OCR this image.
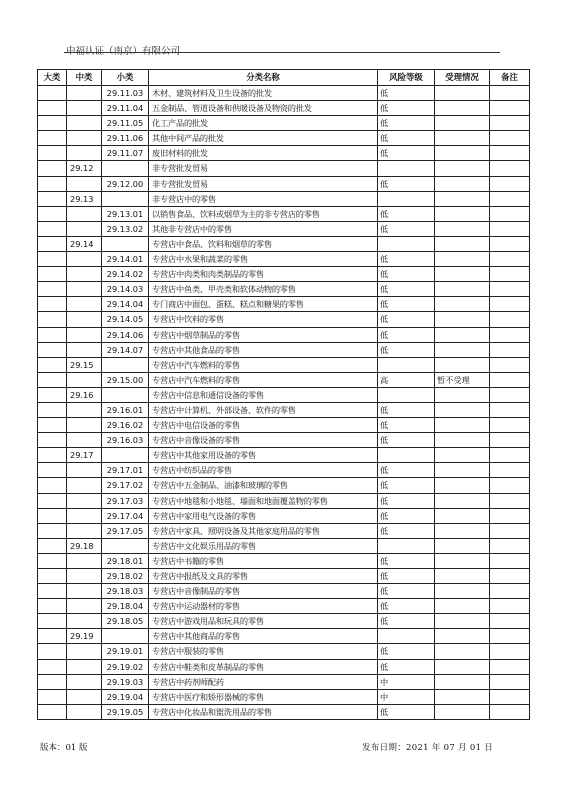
中福认证（南京）有限公司
大类	中类	小类	分类名称	风险等级	受理情况	备注
		29.11.03	木材、建筑材料及卫生设备的批发	低		
		29.11.04	五金制品、管道设备和供暖设备及物资的批发	低		
		29.11.05	化工产品的批发	低		
		29.11.06	其他中间产品的批发	低		
		29.11.07	废旧材料的批发	低		
	29.12		非专营批发贸易			
		29.12.00	非专营批发贸易	低		
	29.13		非专营店中的零售			
		29.13.01	以销售食品、饮料或烟草为主的非专营店的零售	低		
		29.13.02	其他非专营店中的零售	低		
	29.14		专营店中食品、饮料和烟草的零售			
		29.14.01	专营店中水果和蔬菜的零售	低		
		29.14.02	专营店中肉类和肉类制品的零售	低		
		29.14.03	专营店中鱼类、甲壳类和软体动物的零售	低		
		29.14.04	专门商店中面包、蛋糕、糕点和糖果的零售	低		
		29.14.05	专营店中饮料的零售	低		
		29.14.06	专营店中烟草制品的零售	低		
		29.14.07	专营店中其他食品的零售	低		
	29.15		专营店中汽车燃料的零售			
		29.15.00	专营店中汽车燃料的零售	高	暂不受理	
	29.16		专营店中信息和通信设备的零售			
		29.16.01	专营店中计算机、外部设备、软件的零售	低		
		29.16.02	专营店中电信设备的零售	低		
		29.16.03	专营店中音像设备的零售	低		
	29.17		专营店中其他家用设备的零售			
		29.17.01	专营店中纺织品的零售	低		
		29.17.02	专营店中五金制品、油漆和玻璃的零售	低		
		29.17.03	专营店中地毯和小地毯、墙面和地面覆盖物的零售	低		
		29.17.04	专营店中家用电气设备的零售	低		
		29.17.05	专营店中家具、照明设备及其他家庭用品的零售	低		
	29.18		专营店中文化娱乐用品的零售			
		29.18.01	专营店中书籍的零售	低		
		29.18.02	专营店中报纸及文具的零售	低		
		29.18.03	专营店中音像制品的零售	低		
		29.18.04	专营店中运动器材的零售	低		
		29.18.05	专营店中游戏用品和玩具的零售	低		
	29.19		专营店中其他商品的零售			
		29.19.01	专营店中服装的零售	低		
		29.19.02	专营店中鞋类和皮革制品的零售	低		
		29.19.03	专营店中药剂师配药	中		
		29.19.04	专营店中医疗和矫形器械的零售	中		
		29.19.05	专营店中化妆品和盥洗用品的零售	低		
版本：01 版	发布日期：2021 年 07 月 01 日
